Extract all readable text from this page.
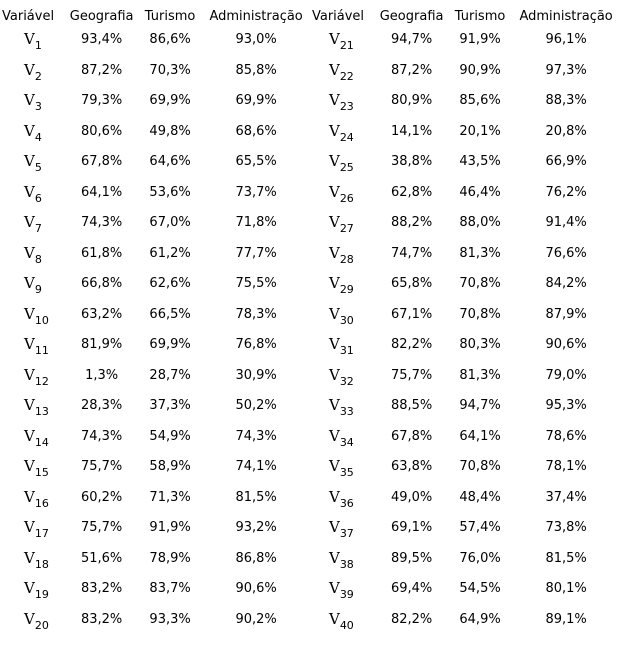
Variável	Geografia	Turismo	Administração	Variável	Geografia	Turismo	Administração
$V_1$	93,4%	86,6%	93,0%	$V_{21}$	94,7%	91,9%	96,1%
$V_2$	87,2%	70,3%	85,8%	$V_{22}$	87,2%	90,9%	97,3%
$V_3$	79,3%	69,9%	69,9%	$V_{23}$	80,9%	85,6%	88,3%
$V_4$	80,6%	49,8%	68,6%	$V_{24}$	14,1%	20,1%	20,8%
$V_5$	67,8%	64,6%	65,5%	$V_{25}$	38,8%	43,5%	66,9%
$V_6$	64,1%	53,6%	73,7%	$V_{26}$	62,8%	46,4%	76,2%
$V_7$	74,3%	67,0%	71,8%	$V_{27}$	88,2%	88,0%	91,4%
$V_8$	61,8%	61,2%	77,7%	$V_{28}$	74,7%	81,3%	76,6%
$V_9$	66,8%	62,6%	75,5%	$V_{29}$	65,8%	70,8%	84,2%
$V_{10}$	63,2%	66,5%	78,3%	$V_{30}$	67,1%	70,8%	87,9%
$V_{11}$	81,9%	69,9%	76,8%	$V_{31}$	82,2%	80,3%	90,6%
$V_{12}$	1,3%	28,7%	30,9%	$V_{32}$	75,7%	81,3%	79,0%
$V_{13}$	28,3%	37,3%	50,2%	$V_{33}$	88,5%	94,7%	95,3%
$V_{14}$	74,3%	54,9%	74,3%	$V_{34}$	67,8%	64,1%	78,6%
$V_{15}$	75,7%	58,9%	74,1%	$V_{35}$	63,8%	70,8%	78,1%
$V_{16}$	60,2%	71,3%	81,5%	$V_{36}$	49,0%	48,4%	37,4%
$V_{17}$	75,7%	91,9%	93,2%	$V_{37}$	69,1%	57,4%	73,8%
$V_{18}$	51,6%	78,9%	86,8%	$V_{38}$	89,5%	76,0%	81,5%
$V_{19}$	83,2%	83,7%	90,6%	$V_{39}$	69,4%	54,5%	80,1%
$V_{20}$	83,2%	93,3%	90,2%	$V_{40}$	82,2%	64,9%	89,1%
